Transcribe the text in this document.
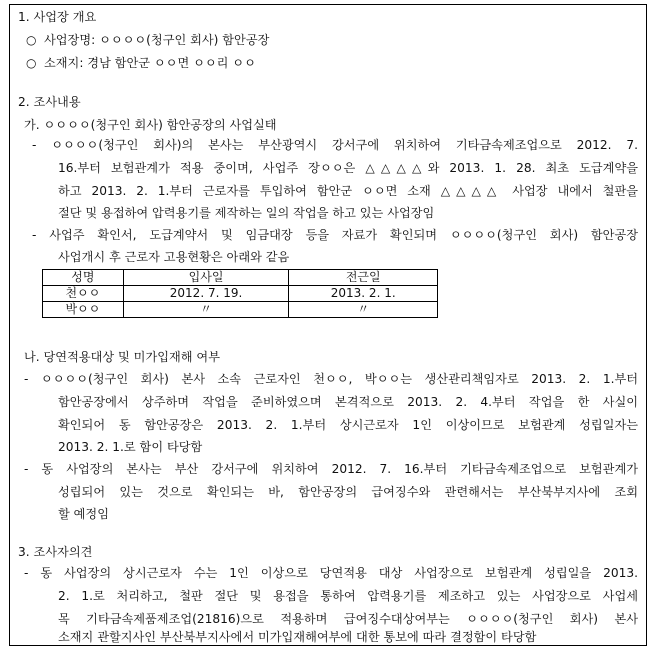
1. 사업장 개요
○ 사업장명: ㅇㅇㅇㅇ(청구인 회사) 함안공장
○ 소재지: 경남 함안군 ㅇㅇ면 ㅇㅇ리 ㅇㅇ
2. 조사내용
가. ㅇㅇㅇㅇ(청구인 회사) 함안공장의 사업실태
- ㅇㅇㅇㅇ(청구인 회사)의 본사는 부산광역시 강서구에 위치하여 기타금속제조업으로 2012. 7.
16.부터 보험관계가 적용 중이며, 사업주 장ㅇㅇ은 △△△△와 2013. 1. 28. 최초 도급계약을
하고 2013. 2. 1.부터 근로자를 투입하여 함안군 ㅇㅇ면 소재 △△△△ 사업장 내에서 철판을
절단 및 용접하여 압력용기를 제작하는 일의 작업을 하고 있는 사업장임
- 사업주 확인서, 도급계약서 및 임금대장 등을 자료가 확인되며 ㅇㅇㅇㅇ(청구인 회사) 함안공장
사업개시 후 근로자 고용현황은 아래와 같음
성명	입사일	전근일
천ㅇㅇ	2012. 7. 19.	2013. 2. 1.
박ㅇㅇ	〃	〃
나. 당연적용대상 및 미가입재해 여부
- ㅇㅇㅇㅇ(청구인 회사) 본사 소속 근로자인 천ㅇㅇ, 박ㅇㅇ는 생산관리책임자로 2013. 2. 1.부터
함안공장에서 상주하며 작업을 준비하였으며 본격적으로 2013. 2. 4.부터 작업을 한 사실이
확인되어 동 함안공장은 2013. 2. 1.부터 상시근로자 1인 이상이므로 보험관계 성립일자는
2013. 2. 1.로 함이 타당함
- 동 사업장의 본사는 부산 강서구에 위치하여 2012. 7. 16.부터 기타금속제조업으로 보험관계가
성립되어 있는 것으로 확인되는 바, 함안공장의 급여징수와 관련해서는 부산북부지사에 조회
할 예정임
3. 조사자의견
- 동 사업장의 상시근로자 수는 1인 이상으로 당연적용 대상 사업장으로 보험관계 성립일을 2013.
2. 1.로 처리하고, 철판 절단 및 용접을 통하여 압력용기를 제조하고 있는 사업장으로 사업세
목 기타금속제품제조업(21816)으로 적용하며 급여징수대상여부는 ㅇㅇㅇㅇ(청구인 회사) 본사
소재지 관할지사인 부산북부지사에서 미가입재해여부에 대한 통보에 따라 결정함이 타당함
